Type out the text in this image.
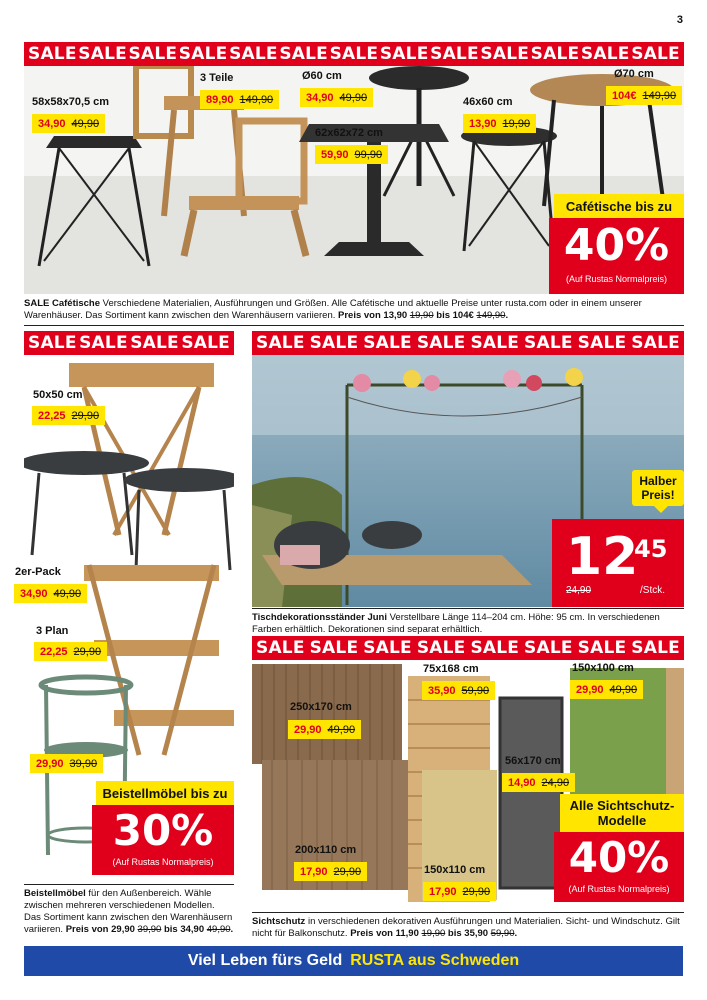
3
SALE SALE SALE SALE SALE SALE SALE SALE SALE SALE SALE SALE SALE
58x58x70,5 cm
34,90 49,90
3 Teile
89,90 149,90
Ø60 cm
34,90 49,90
62x62x72 cm
59,90 99,90
46x60 cm
13,90 19,90
Ø70 cm
104€ 149,90
Cafétische bis zu
40%
(Auf Rustas Normalpreis)
SALE Cafétische Verschiedene Materialien, Ausführungen und Größen. Alle Cafétische und aktuelle Preise unter rusta.com oder in einem unserer Warenhäuser. Das Sortiment kann zwischen den Warenhäusern variieren. Preis von 13,90 19,90 bis 104€ 149,90.
SALE SALE SALE SALE
50x50 cm
22,25 29,90
2er-Pack
34,90 49,90
3 Plan
22,25 29,90
29,90 39,90
Beistellmöbel bis zu
30%
(Auf Rustas Normalpreis)
Beistellmöbel für den Außenbereich. Wähle zwischen mehreren verschiedenen Modellen. Das Sortiment kann zwischen den Warenhäusern variieren. Preis von 29,90 39,90 bis 34,90 49,90.
SALE SALE SALE SALE SALE SALE SALE SALE
Halber Preis!
12
45
24,90	/Stck.
Tischdekorationsständer Juni Verstellbare Länge 114–204 cm. Höhe: 95 cm. In verschiedenen Farben erhältlich. Dekorationen sind separat erhältlich.
SALE SALE SALE SALE SALE SALE SALE SALE
250x170 cm
29,90 49,90
75x168 cm
35,90 59,90
150x100 cm
29,90 49,90
56x170 cm
14,90 24,90
200x110 cm
17,90 29,90	150x110 cm
17,90 29,90
Alle Sichtschutz-Modelle
40%
(Auf Rustas Normalpreis)
Sichtschutz in verschiedenen dekorativen Ausführungen und Materialien. Sicht- und Windschutz. Gilt nicht für Balkonschutz. Preis von 11,90 19,90 bis 35,90 59,90.
Viel Leben fürs Geld RUSTA aus Schweden
